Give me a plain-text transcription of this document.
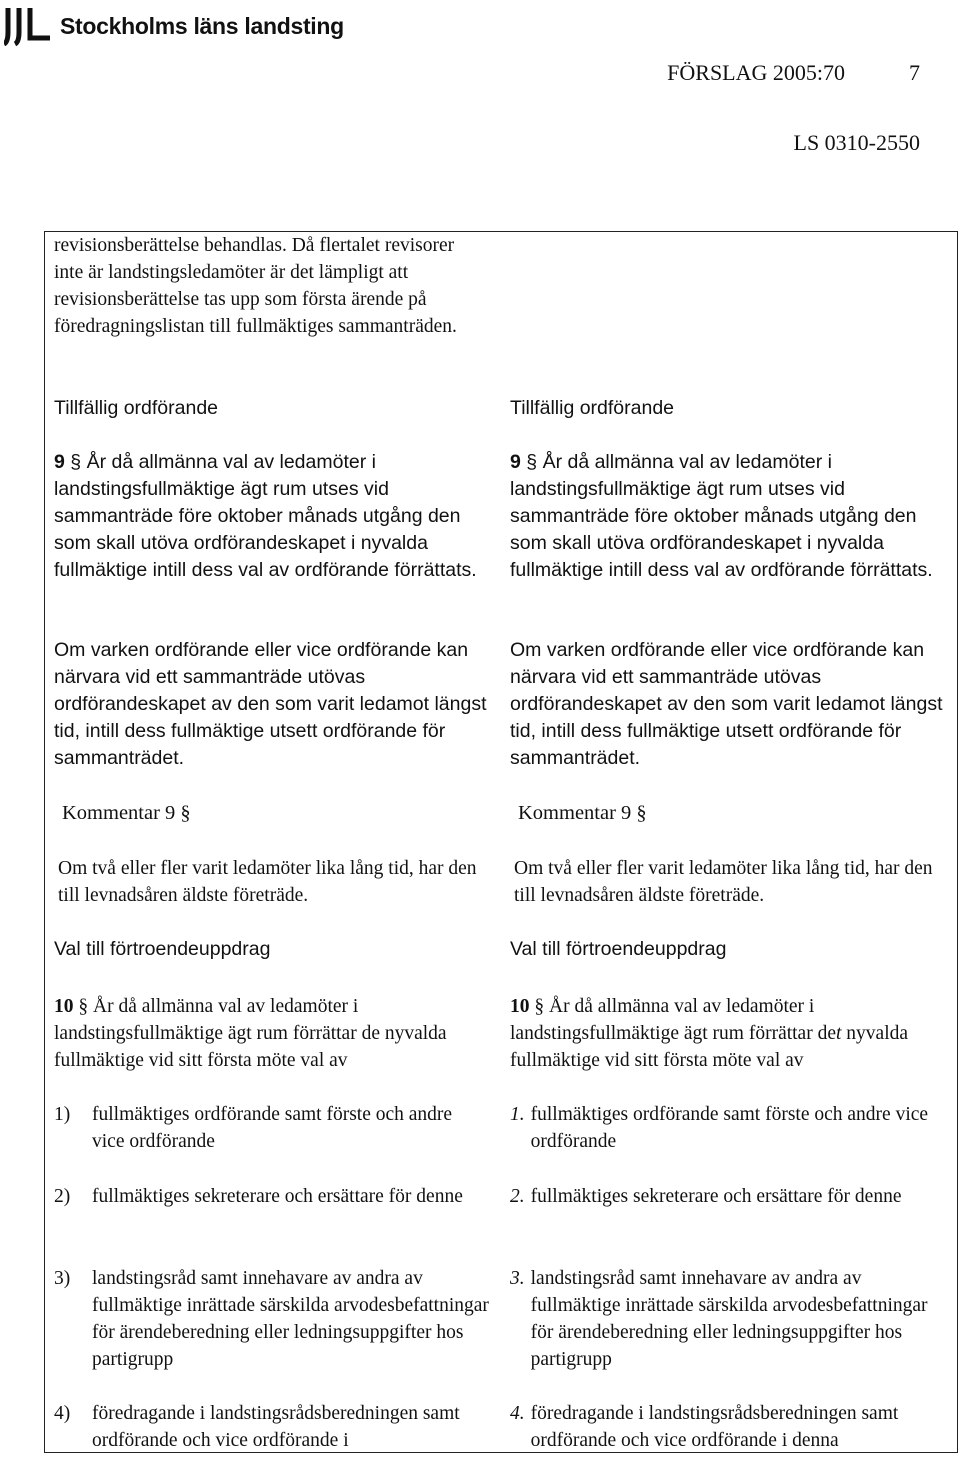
Stockholms läns landsting
FÖRSLAG 2005:70	7
LS 0310-2550

revisionsberättelse behandlas. Då flertalet revisorer inte är landstingsledamöter är det lämpligt att revisionsberättelse tas upp som första ärende på föredragningslistan till fullmäktiges sammanträden.

Tillfällig ordförande

9 § År då allmänna val av ledamöter i landstingsfullmäktige ägt rum utses vid sammanträde före oktober månads utgång den som skall utöva ordförandeskapet i nyvalda fullmäktige intill dess val av ordförande förrättats.

Om varken ordförande eller vice ordförande kan närvara vid ett sammanträde utövas ordförandeskapet av den som varit ledamot längst tid, intill dess fullmäktige utsett ordförande för sammanträdet.

Kommentar 9 §

Om två eller fler varit ledamöter lika lång tid, har den till levnadsåren äldste företräde.

Val till förtroendeuppdrag

10 § År då allmänna val av ledamöter i landstingsfullmäktige ägt rum förrättar de nyvalda fullmäktige vid sitt första möte val av

1)	fullmäktiges ordförande samt förste och andre vice ordförande
2)	fullmäktiges sekreterare och ersättare för denne
3)	landstingsråd samt innehavare av andra av fullmäktige inrättade särskilda arvodesbefattningar för ärendeberedning eller ledningsuppgifter hos partigrupp
4)	föredragande i landstingsrådsberedningen samt ordförande och vice ordförande i

Tillfällig ordförande

9 § År då allmänna val av ledamöter i landstingsfullmäktige ägt rum utses vid sammanträde före oktober månads utgång den som skall utöva ordförandeskapet i nyvalda fullmäktige intill dess val av ordförande förrättats.

Om varken ordförande eller vice ordförande kan närvara vid ett sammanträde utövas ordförandeskapet av den som varit ledamot längst tid, intill dess fullmäktige utsett ordförande för sammanträdet.

Kommentar 9 §

Om två eller fler varit ledamöter lika lång tid, har den till levnadsåren äldste företräde.

Val till förtroendeuppdrag

10 § År då allmänna val av ledamöter i landstingsfullmäktige ägt rum förrättar det nyvalda fullmäktige vid sitt första möte val av

1. fullmäktiges ordförande samt förste och andre vice ordförande
2. fullmäktiges sekreterare och ersättare för denne
3. landstingsråd samt innehavare av andra av fullmäktige inrättade särskilda arvodesbefattningar för ärendeberedning eller ledningsuppgifter hos partigrupp
4. föredragande i landstingsrådsberedningen samt ordförande och vice ordförande i denna
